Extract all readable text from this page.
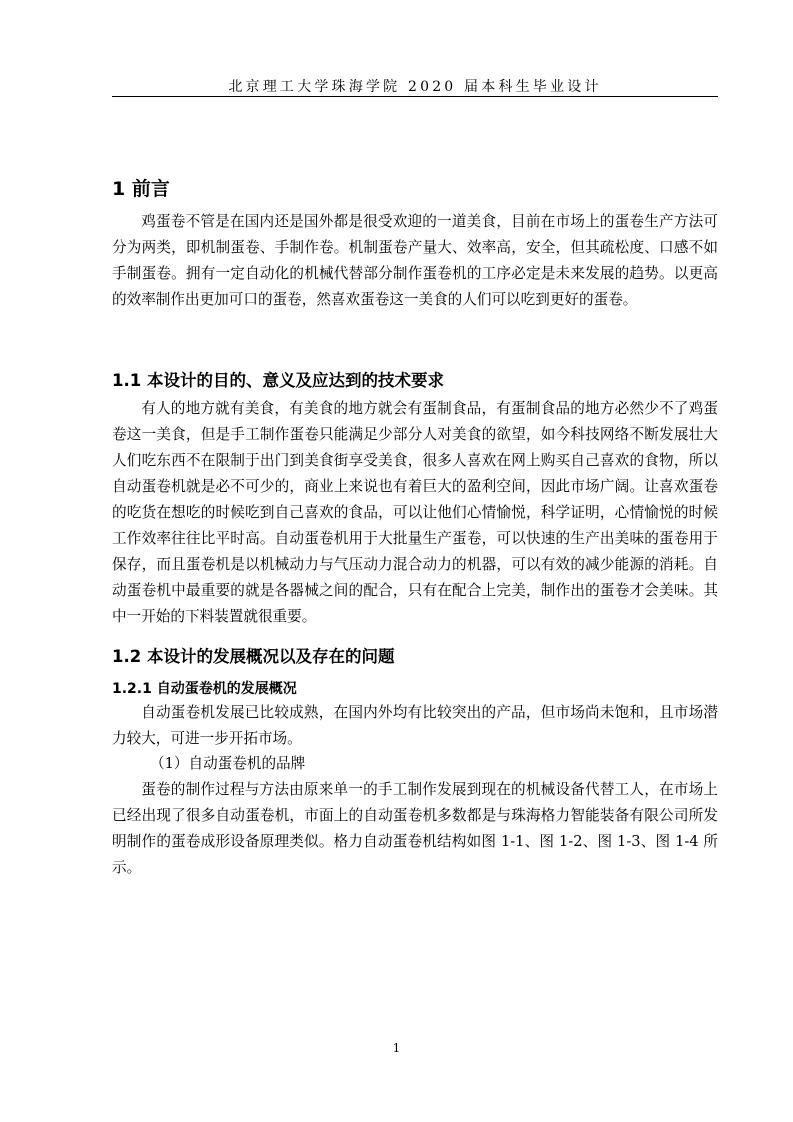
北京理工大学珠海学院 2020 届本科生毕业设计
1 前言
鸡蛋卷不管是在国内还是国外都是很受欢迎的一道美食，目前在市场上的蛋卷生产方法可分为两类，即机制蛋卷、手制作卷。机制蛋卷产量大、效率高，安全，但其疏松度、口感不如手制蛋卷。拥有一定自动化的机械代替部分制作蛋卷机的工序必定是未来发展的趋势。以更高的效率制作出更加可口的蛋卷，然喜欢蛋卷这一美食的人们可以吃到更好的蛋卷。
1.1 本设计的目的、意义及应达到的技术要求
有人的地方就有美食，有美食的地方就会有蛋制食品，有蛋制食品的地方必然少不了鸡蛋卷这一美食，但是手工制作蛋卷只能满足少部分人对美食的欲望，如今科技网络不断发展壮大人们吃东西不在限制于出门到美食街享受美食，很多人喜欢在网上购买自己喜欢的食物，所以自动蛋卷机就是必不可少的，商业上来说也有着巨大的盈利空间，因此市场广阔。让喜欢蛋卷的吃货在想吃的时候吃到自己喜欢的食品，可以让他们心情愉悦，科学证明，心情愉悦的时候工作效率往往比平时高。自动蛋卷机用于大批量生产蛋卷，可以快速的生产出美味的蛋卷用于保存，而且蛋卷机是以机械动力与气压动力混合动力的机器，可以有效的减少能源的消耗。自动蛋卷机中最重要的就是各器械之间的配合，只有在配合上完美，制作出的蛋卷才会美味。其中一开始的下料装置就很重要。
1.2 本设计的发展概况以及存在的问题
1.2.1 自动蛋卷机的发展概况
自动蛋卷机发展已比较成熟，在国内外均有比较突出的产品，但市场尚未饱和，且市场潜力较大，可进一步开拓市场。
（1）自动蛋卷机的品牌
蛋卷的制作过程与方法由原来单一的手工制作发展到现在的机械设备代替工人，在市场上已经出现了很多自动蛋卷机，市面上的自动蛋卷机多数都是与珠海格力智能装备有限公司所发明制作的蛋卷成形设备原理类似。格力自动蛋卷机结构如图 1-1、图 1-2、图 1-3、图 1-4 所示。
1
